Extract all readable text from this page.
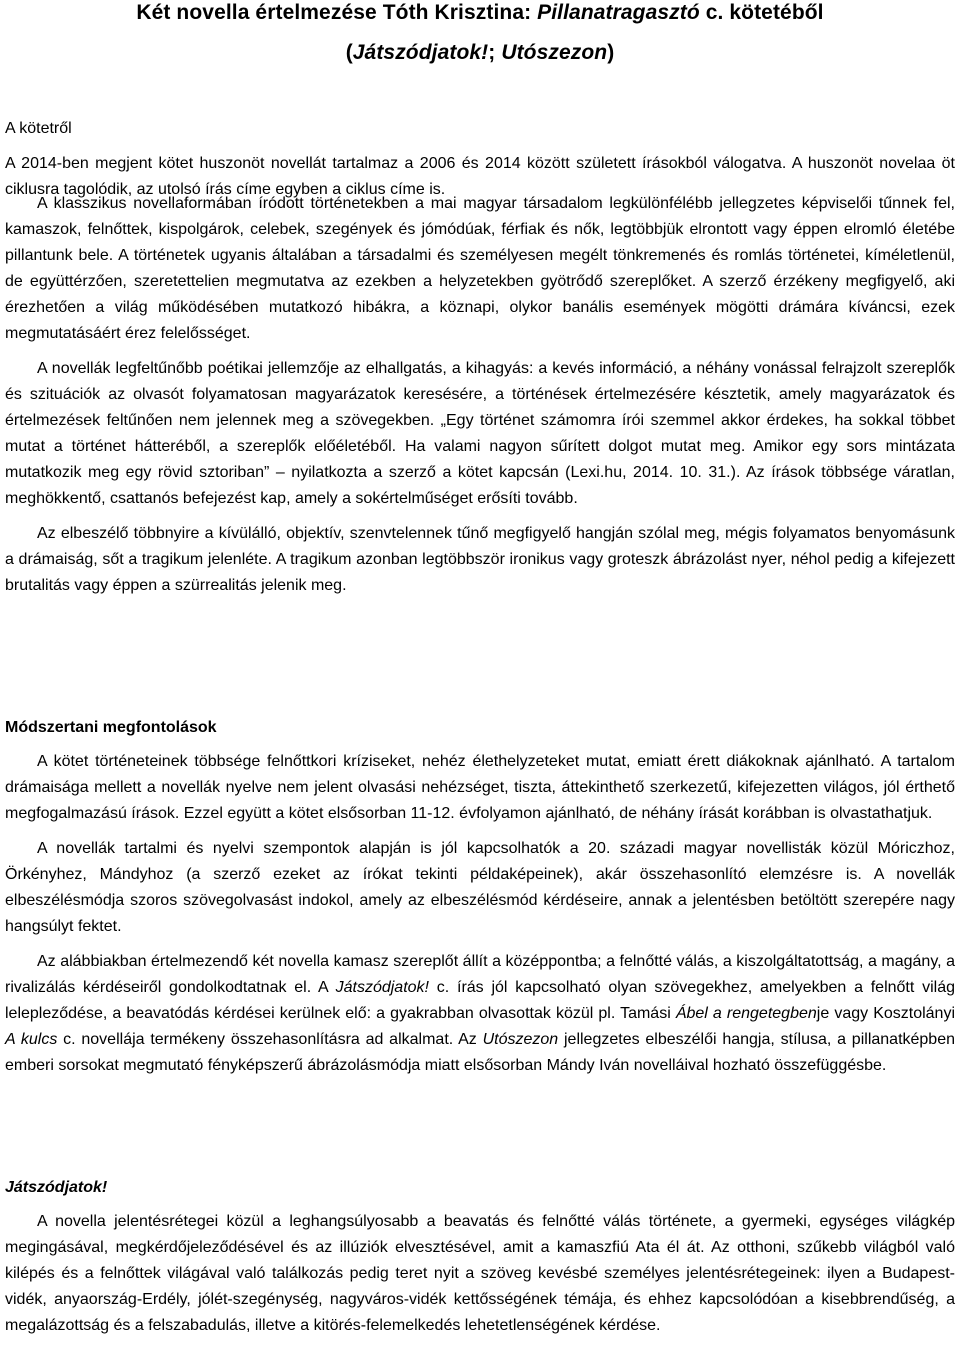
Két novella értelmezése Tóth Krisztina: Pillanatragasztó c. kötetéből
(Játszódjatok!; Utószezon)
A kötetről

A 2014-ben megjent kötet huszonöt novellát tartalmaz a 2006 és 2014 között született írásokból válogatva. A huszonöt novelaa öt ciklusra tagolódik, az utolsó írás címe egyben a ciklus címe is.

A klasszikus novellaformában íródott történetekben a mai magyar társadalom legkülönfélébb jellegzetes képviselői tűnnek fel, kamaszok, felnőttek, kispolgárok, celebek, szegények és jómódúak, férfiak és nők, legtöbbjük elrontott vagy éppen elromló életébe pillantunk bele. A történetek ugyanis általában a társadalmi és személyesen megélt tönkremenés és romlás történetei, kíméletlenül, de együttérzően, szeretettelien megmutatva az ezekben a helyzetekben gyötrődő szereplőket. A szerző érzékeny megfigyelő, aki érezhetően a világ működésében mutatkozó hibákra, a köznapi, olykor banális események mögötti drámára kíváncsi, ezek megmutatásáért érez felelősséget.

A novellák legfeltűnőbb poétikai jellemzője az elhallgatás, a kihagyás: a kevés információ, a néhány vonással felrajzolt szereplők és szituációk az olvasót folyamatosan magyarázatok keresésére, a történések értelmezésére késztetik, amely magyarázatok és értelmezések feltűnően nem jelennek meg a szövegekben. „Egy történet számomra írói szemmel akkor érdekes, ha sokkal többet mutat a történet hátteréből, a szereplők előéletéből. Ha valami nagyon sűrített dolgot mutat meg. Amikor egy sors mintázata mutatkozik meg egy rövid sztoriban” – nyilatkozta a szerző a kötet kapcsán (Lexi.hu, 2014. 10. 31.). Az írások többsége váratlan, meghökkentő, csattanós befejezést kap, amely a sokértelműséget erősíti tovább.

Az elbeszélő többnyire a kívülálló, objektív, szenvtelennek tűnő megfigyelő hangján szólal meg, mégis folyamatos benyomásunk a drámaiság, sőt a tragikum jelenléte. A tragikum azonban legtöbbször ironikus vagy groteszk ábrázolást nyer, néhol pedig a kifejezett brutalitás vagy éppen a szürrealitás jelenik meg.

Módszertani megfontolások

A kötet történeteinek többsége felnőttkori kríziseket, nehéz élethelyzeteket mutat, emiatt érett diákoknak ajánlható. A tartalom drámaisága mellett a novellák nyelve nem jelent olvasási nehézséget, tiszta, áttekinthető szerkezetű, kifejezetten világos, jól érthető megfogalmazású írások. Ezzel együtt a kötet elsősorban 11-12. évfolyamon ajánlható, de néhány írását korábban is olvastathatjuk.

A novellák tartalmi és nyelvi szempontok alapján is jól kapcsolhatók a 20. századi magyar novellisták közül Móriczhoz, Örkényhez, Mándyhoz (a szerző ezeket az írókat tekinti példaképeinek), akár összehasonlító elemzésre is. A novellák elbeszélésmódja szoros szövegolvasást indokol, amely az elbeszélésmód kérdéseire, annak a jelentésben betöltött szerepére nagy hangsúlyt fektet.

Az alábbiakban értelmezendő két novella kamasz szereplőt állít a középpontba; a felnőtté válás, a kiszolgáltatottság, a magány, a rivalizálás kérdéseiről gondolkodtatnak el. A Játszódjatok! c. írás jól kapcsolható olyan szövegekhez, amelyekben a felnőtt világ lelepleződése, a beavatódás kérdései kerülnek elő: a gyakrabban olvasottak közül pl. Tamási Ábel a rengetegbenje vagy Kosztolányi A kulcs c. novellája termékeny összehasonlításra ad alkalmat. Az Utószezon jellegzetes elbeszélői hangja, stílusa, a pillanatképben emberi sorsokat megmutató fényképszerű ábrázolásmódja miatt elsősorban Mándy Iván novelláival hozható összefüggésbe.

Játszódjatok!

A novella jelentésrétegei közül a leghangsúlyosabb a beavatás és felnőtté válás története, a gyermeki, egységes világkép megingásával, megkérdőjeleződésével és az illúziók elvesztésével, amit a kamaszfiú Ata él át. Az otthoni, szűkebb világból való kilépés és a felnőttek világával való találkozás pedig teret nyit a szöveg kevésbé személyes jelentésrétegeinek: ilyen a Budapest-vidék, anyaország-Erdély, jólét-szegénység, nagyváros-vidék kettősségének témája, és ehhez kapcsolódóan a kisebbrendűség, a megalázottság és a felszabadulás, illetve a kitörés-felemelkedés lehetetlenségének kérdése.
